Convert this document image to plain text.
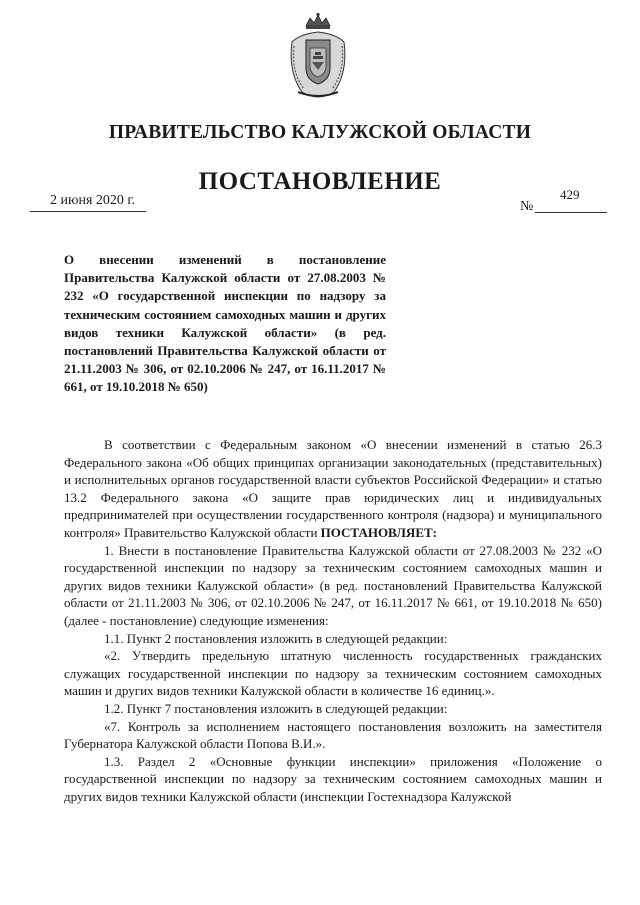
ПРАВИТЕЛЬСТВО КАЛУЖСКОЙ ОБЛАСТИ
ПОСТАНОВЛЕНИЕ
2 июня 2020 г.	№
429
О внесении изменений в постановление Правительства Калужской области от 27.08.2003 № 232 «О государственной инспекции по надзору за техническим состоянием самоходных машин и других видов техники Калужской области» (в ред. постановлений Правительства Калужской области от 21.11.2003 № 306, от 02.10.2006 № 247, от 16.11.2017 № 661, от 19.10.2018 № 650)

В соответствии с Федеральным законом «О внесении изменений в статью 26.3 Федерального закона «Об общих принципах организации законодательных (представительных) и исполнительных органов государственной власти субъектов Российской Федерации» и статью 13.2 Федерального закона «О защите прав юридических лиц и индивидуальных предпринимателей при осуществлении государственного контроля (надзора) и муниципального контроля» Правительство Калужской области ПОСТАНОВЛЯЕТ:

1. Внести в постановление Правительства Калужской области от 27.08.2003 № 232 «О государственной инспекции по надзору за техническим состоянием самоходных машин и других видов техники Калужской области» (в ред. постановлений Правительства Калужской области от 21.11.2003 № 306, от 02.10.2006 № 247, от 16.11.2017 № 661, от 19.10.2018 № 650) (далее - постановление) следующие изменения:

1.1. Пункт 2 постановления изложить в следующей редакции:

«2. Утвердить предельную штатную численность государственных гражданских служащих государственной инспекции по надзору за техническим состоянием самоходных машин и других видов техники Калужской области в количестве 16 единиц.».

1.2. Пункт 7 постановления изложить в следующей редакции:

«7. Контроль за исполнением настоящего постановления возложить на заместителя Губернатора Калужской области Попова В.И.».

1.3. Раздел 2 «Основные функции инспекции» приложения «Положение о государственной инспекции по надзору за техническим состоянием самоходных машин и других видов техники Калужской области (инспекции Гостехнадзора Калужской
